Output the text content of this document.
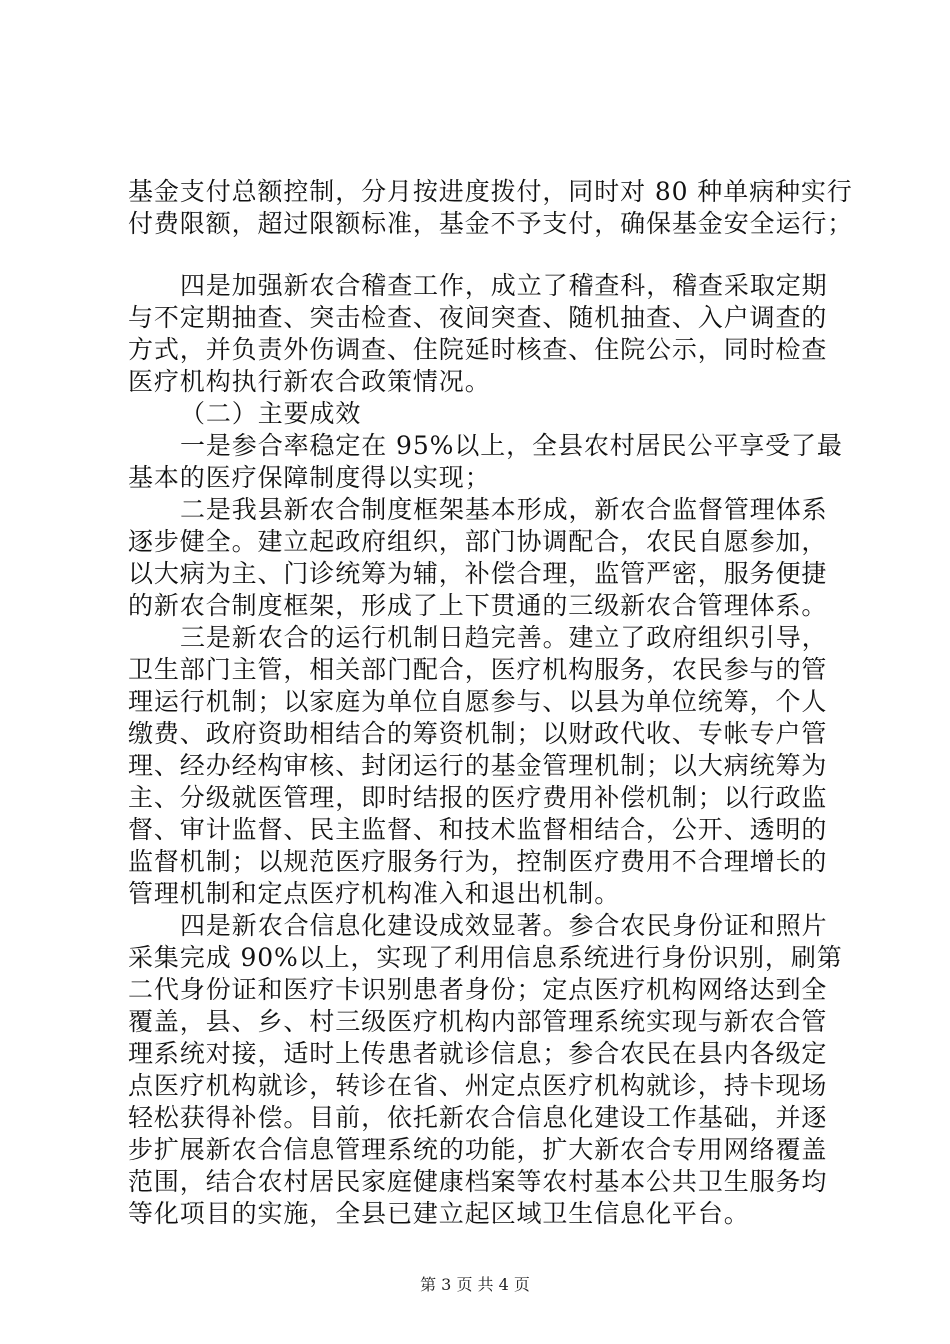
基金支付总额控制，分月按进度拨付，同时对 80 种单病种实行
付费限额，超过限额标准，基金不予支付，确保基金安全运行；
四是加强新农合稽查工作，成立了稽查科，稽查采取定期
与不定期抽查、突击检查、夜间突查、随机抽查、入户调查的
方式，并负责外伤调查、住院延时核查、住院公示，同时检查
医疗机构执行新农合政策情况。
（二）主要成效
一是参合率稳定在 95%以上，全县农村居民公平享受了最
基本的医疗保障制度得以实现；
二是我县新农合制度框架基本形成，新农合监督管理体系
逐步健全。建立起政府组织，部门协调配合，农民自愿参加，
以大病为主、门诊统筹为辅，补偿合理，监管严密，服务便捷
的新农合制度框架，形成了上下贯通的三级新农合管理体系。
三是新农合的运行机制日趋完善。建立了政府组织引导，
卫生部门主管，相关部门配合，医疗机构服务，农民参与的管
理运行机制；以家庭为单位自愿参与、以县为单位统筹，个人
缴费、政府资助相结合的筹资机制；以财政代收、专帐专户管
理、经办经构审核、封闭运行的基金管理机制；以大病统筹为
主、分级就医管理，即时结报的医疗费用补偿机制；以行政监
督、审计监督、民主监督、和技术监督相结合，公开、透明的
监督机制；以规范医疗服务行为，控制医疗费用不合理增长的
管理机制和定点医疗机构准入和退出机制。
四是新农合信息化建设成效显著。参合农民身份证和照片
采集完成 90%以上，实现了利用信息系统进行身份识别，刷第
二代身份证和医疗卡识别患者身份；定点医疗机构网络达到全
覆盖，县、乡、村三级医疗机构内部管理系统实现与新农合管
理系统对接，适时上传患者就诊信息；参合农民在县内各级定
点医疗机构就诊，转诊在省、州定点医疗机构就诊，持卡现场
轻松获得补偿。目前，依托新农合信息化建设工作基础，并逐
步扩展新农合信息管理系统的功能，扩大新农合专用网络覆盖
范围，结合农村居民家庭健康档案等农村基本公共卫生服务均
等化项目的实施，全县已建立起区域卫生信息化平台。
第 3 页 共 4 页
